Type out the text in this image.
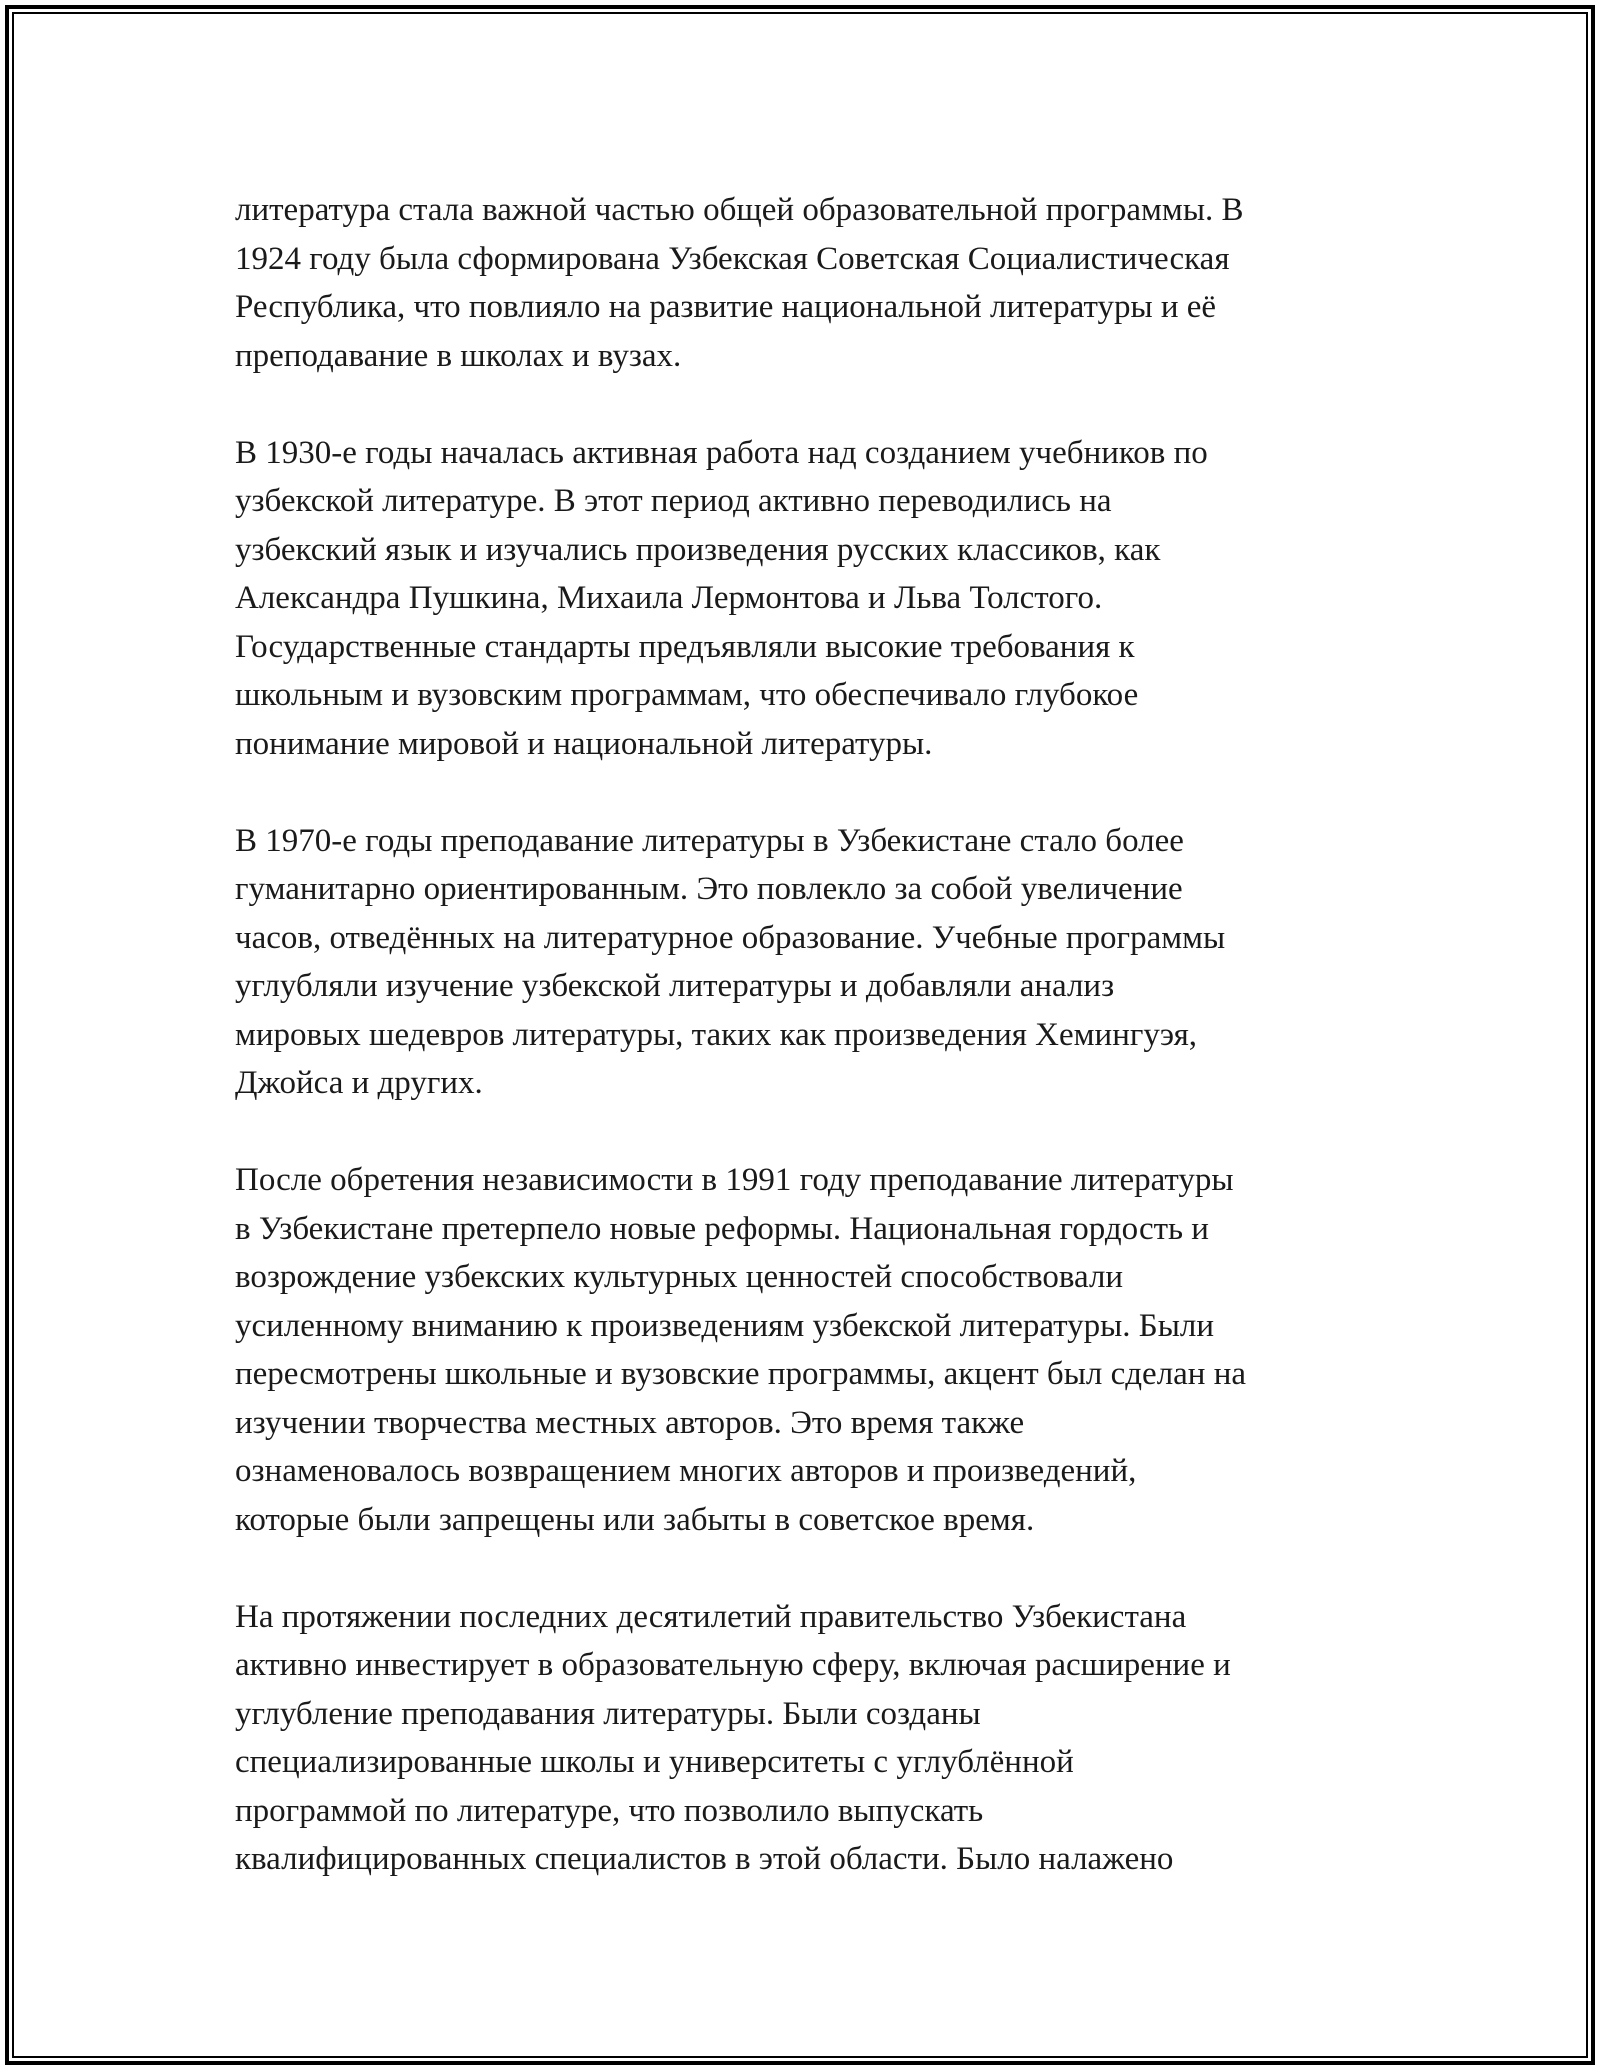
литература стала важной частью общей образовательной программы. В
1924 году была сформирована Узбекская Советская Социалистическая
Республика, что повлияло на развитие национальной литературы и её
преподавание в школах и вузах.

В 1930-е годы началась активная работа над созданием учебников по
узбекской литературе. В этот период активно переводились на
узбекский язык и изучались произведения русских классиков, как
Александра Пушкина, Михаила Лермонтова и Льва Толстого.
Государственные стандарты предъявляли высокие требования к
школьным и вузовским программам, что обеспечивало глубокое
понимание мировой и национальной литературы.

В 1970-е годы преподавание литературы в Узбекистане стало более
гуманитарно ориентированным. Это повлекло за собой увеличение
часов, отведённых на литературное образование. Учебные программы
углубляли изучение узбекской литературы и добавляли анализ
мировых шедевров литературы, таких как произведения Хемингуэя,
Джойса и других.

После обретения независимости в 1991 году преподавание литературы
в Узбекистане претерпело новые реформы. Национальная гордость и
возрождение узбекских культурных ценностей способствовали
усиленному вниманию к произведениям узбекской литературы. Были
пересмотрены школьные и вузовские программы, акцент был сделан на
изучении творчества местных авторов. Это время также
ознаменовалось возвращением многих авторов и произведений,
которые были запрещены или забыты в советское время.

На протяжении последних десятилетий правительство Узбекистана
активно инвестирует в образовательную сферу, включая расширение и
углубление преподавания литературы. Были созданы
специализированные школы и университеты с углублённой
программой по литературе, что позволило выпускать
квалифицированных специалистов в этой области. Было налажено
